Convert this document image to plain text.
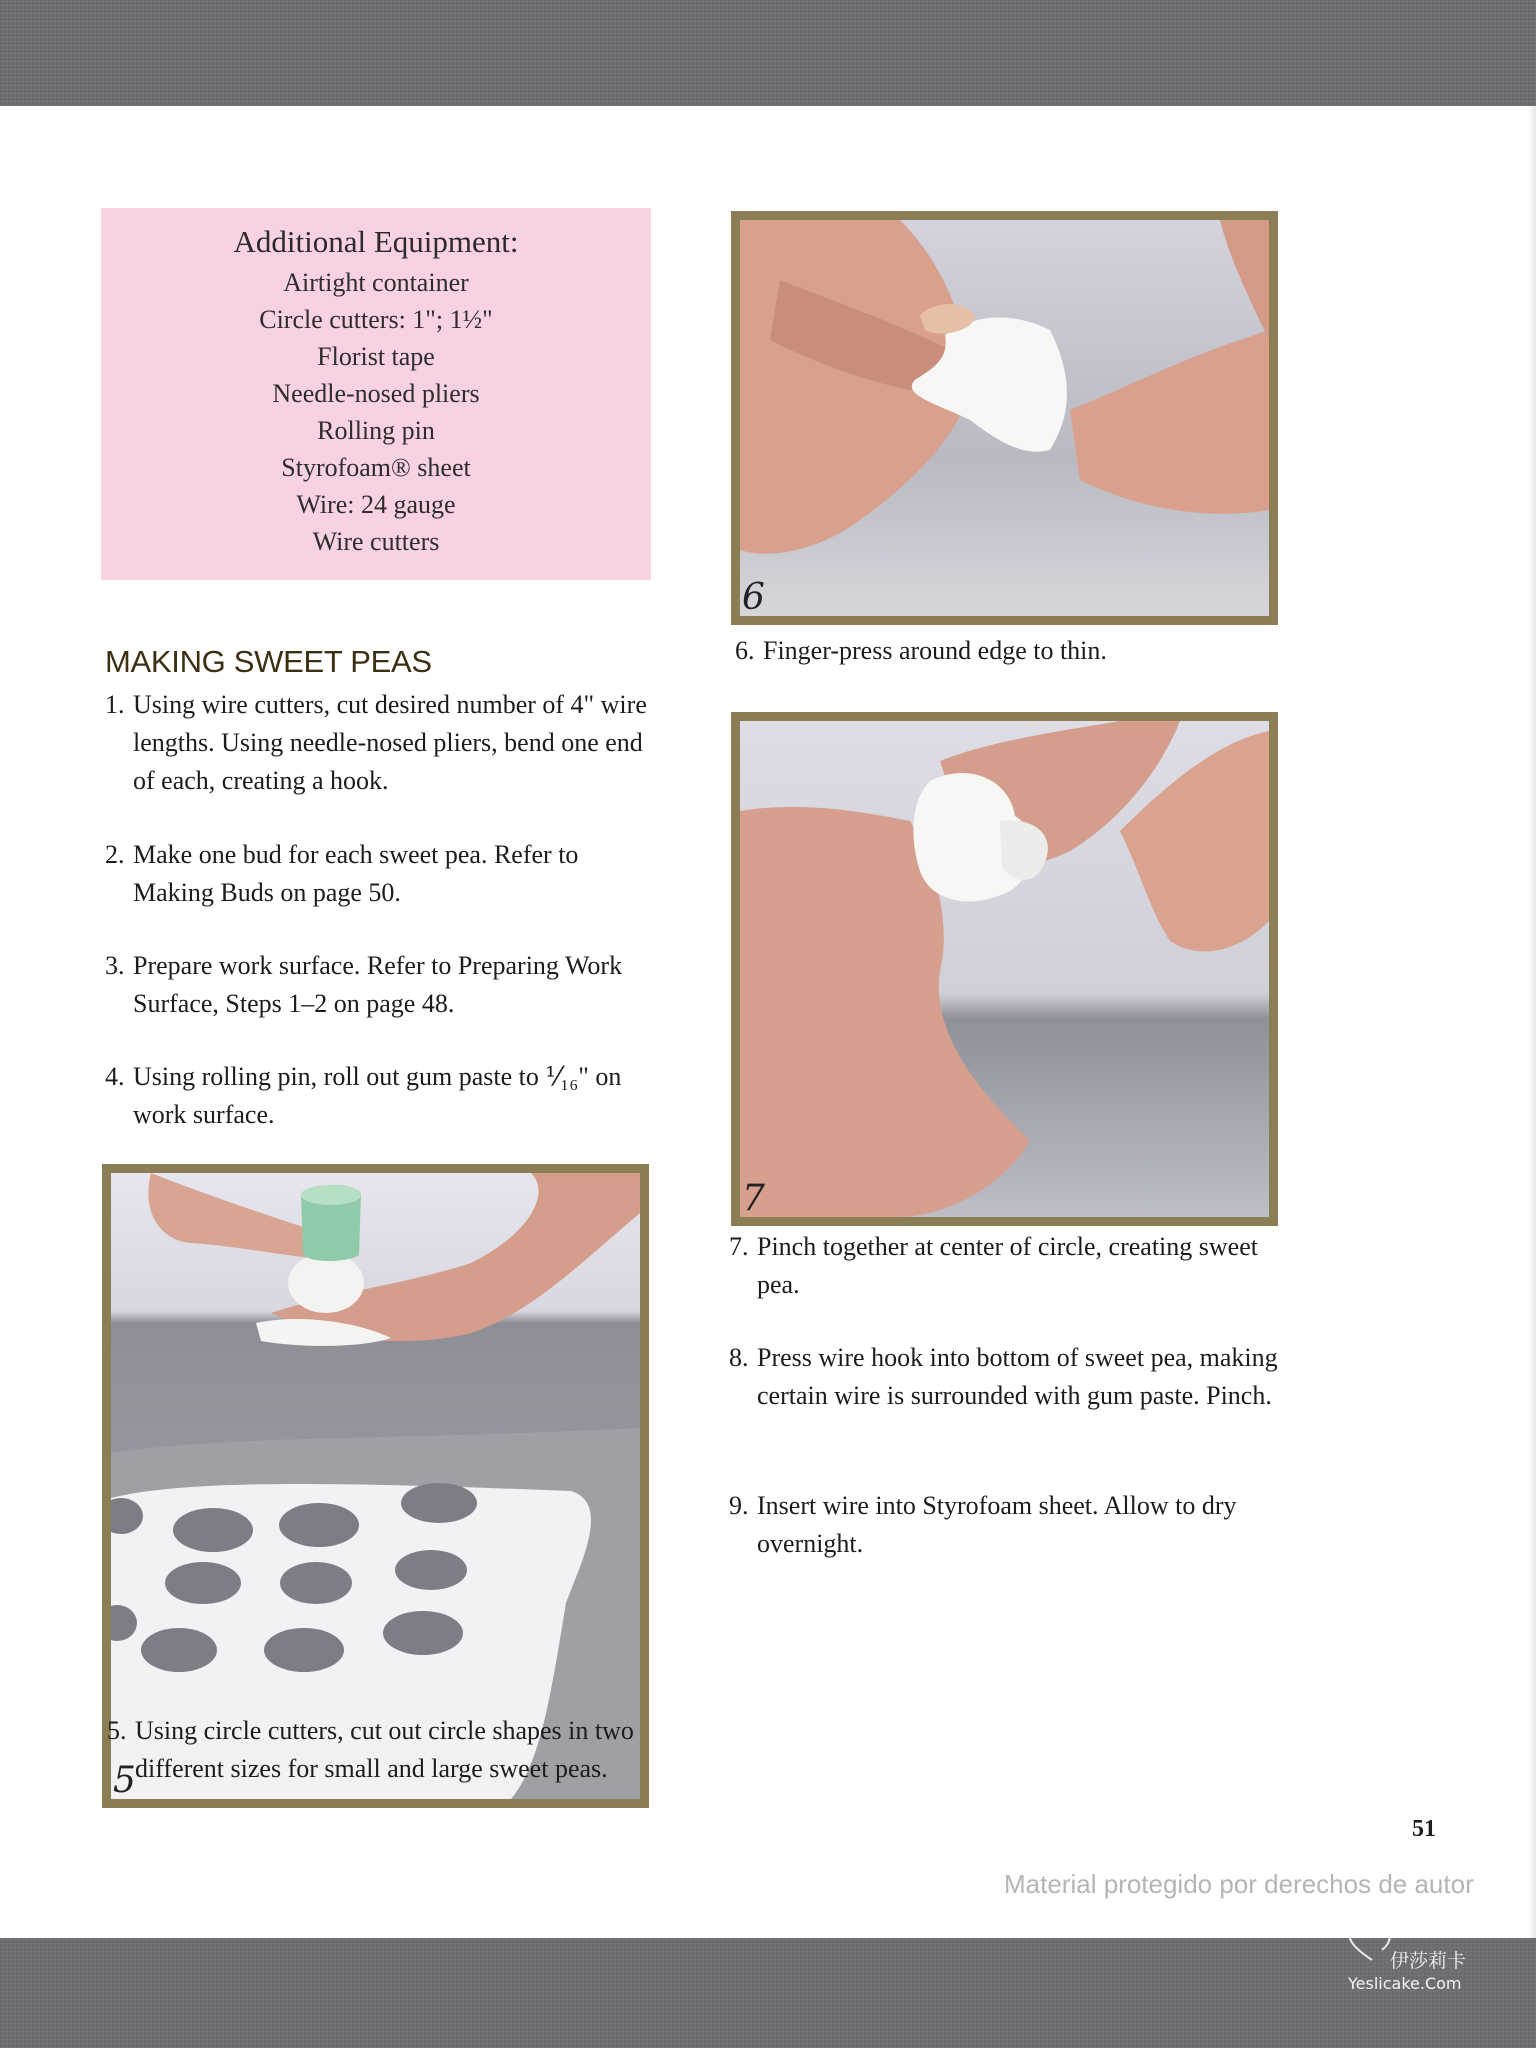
Additional Equipment:
Airtight container
Circle cutters: 1"; 1½"
Florist tape
Needle-nosed pliers
Rolling pin
Styrofoam® sheet
Wire: 24 gauge
Wire cutters
MAKING SWEET PEAS
1. Using wire cutters, cut desired number of 4" wire lengths. Using needle-nosed pliers, bend one end of each, creating a hook.
2. Make one bud for each sweet pea. Refer to Making Buds on page 50.
3. Prepare work surface. Refer to Preparing Work Surface, Steps 1–2 on page 48.
4. Using rolling pin, roll out gum paste to ⅟₁₆" on work surface.
5
5. Using circle cutters, cut out circle shapes in two different sizes for small and large sweet peas.
6
6. Finger-press around edge to thin.
7
7. Pinch together at center of circle, creating sweet pea.
8. Press wire hook into bottom of sweet pea, making certain wire is surrounded with gum paste. Pinch.
9. Insert wire into Styrofoam sheet. Allow to dry overnight.
51
Material protegido por derechos de autor
伊莎莉卡
Yeslicake.Com
